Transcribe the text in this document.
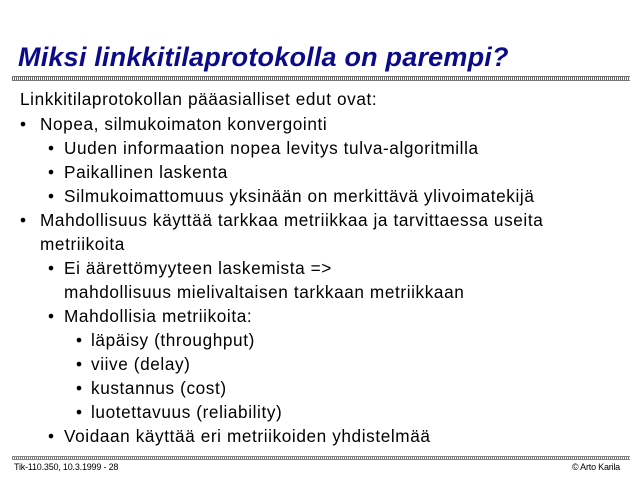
Miksi linkkitilaprotokolla on parempi?
Linkkitilaprotokollan pääasialliset edut ovat:
• Nopea, silmukoimaton konvergointi
• Uuden informaation nopea levitys tulva-algoritmilla
• Paikallinen laskenta
• Silmukoimattomuus yksinään on merkittävä ylivoimatekijä
• Mahdollisuus käyttää tarkkaa metriikkaa ja tarvittaessa useita
metriikoita
• Ei äärettömyyteen laskemista =>
mahdollisuus mielivaltaisen tarkkaan metriikkaan
• Mahdollisia metriikoita:
• läpäisy (throughput)
• viive (delay)
• kustannus (cost)
• luotettavuus (reliability)
• Voidaan käyttää eri metriikoiden yhdistelmää
Tik-110.350, 10.3.1999 - 28	© Arto Karila
